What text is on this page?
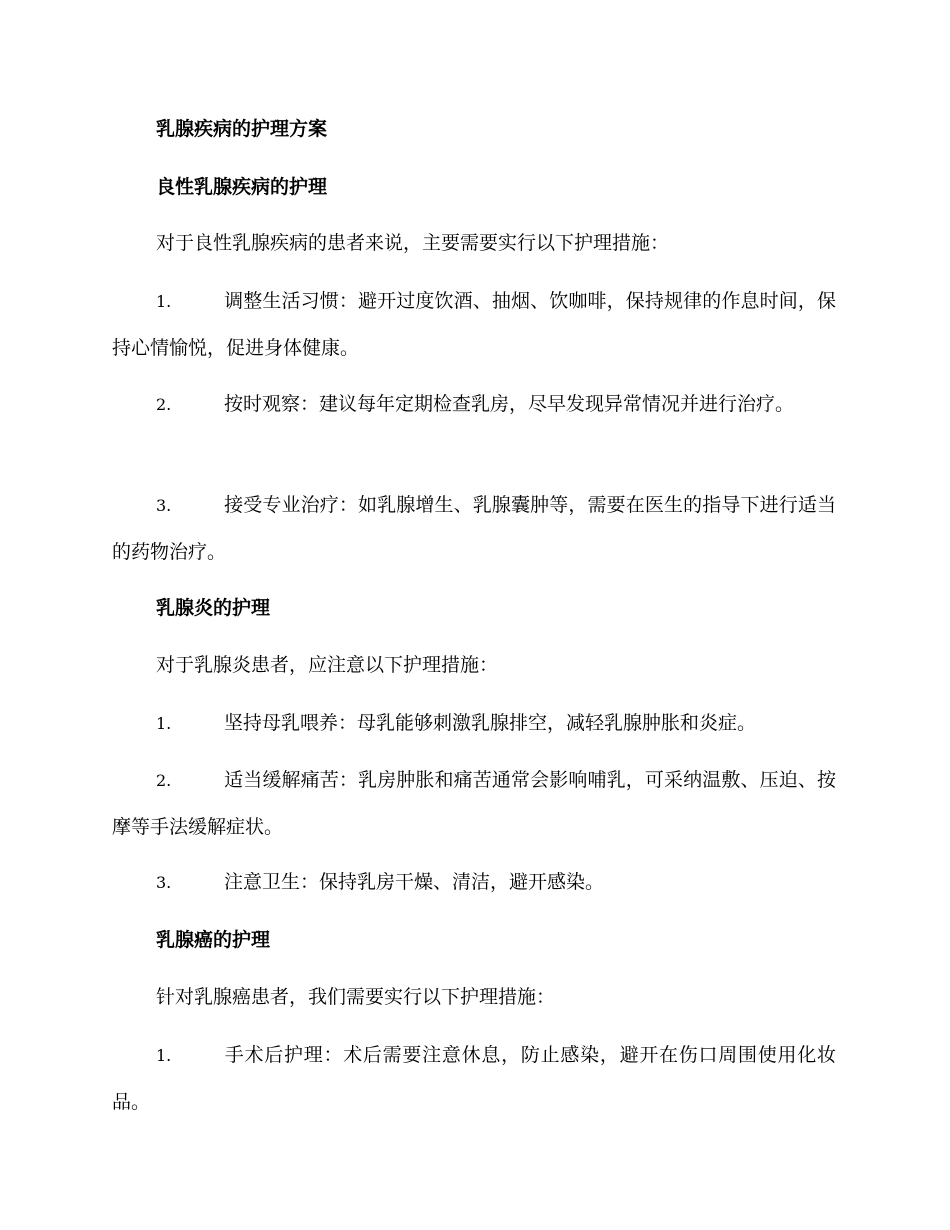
乳腺疾病的护理方案
良性乳腺疾病的护理
对于良性乳腺疾病的患者来说，主要需要实行以下护理措施：
1.	调整生活习惯：避开过度饮酒、抽烟、饮咖啡，保持规律的作息时间，保持心情愉悦，促进身体健康。
2.	按时观察：建议每年定期检查乳房，尽早发现异常情况并进行治疗。
3.	接受专业治疗：如乳腺增生、乳腺囊肿等，需要在医生的指导下进行适当的药物治疗。
乳腺炎的护理
对于乳腺炎患者，应注意以下护理措施：
1.	坚持母乳喂养：母乳能够刺激乳腺排空，减轻乳腺肿胀和炎症。
2.	适当缓解痛苦：乳房肿胀和痛苦通常会影响哺乳，可采纳温敷、压迫、按摩等手法缓解症状。
3.	注意卫生：保持乳房干燥、清洁，避开感染。
乳腺癌的护理
针对乳腺癌患者，我们需要实行以下护理措施：
1.	手术后护理：术后需要注意休息，防止感染，避开在伤口周围使用化妆品。
